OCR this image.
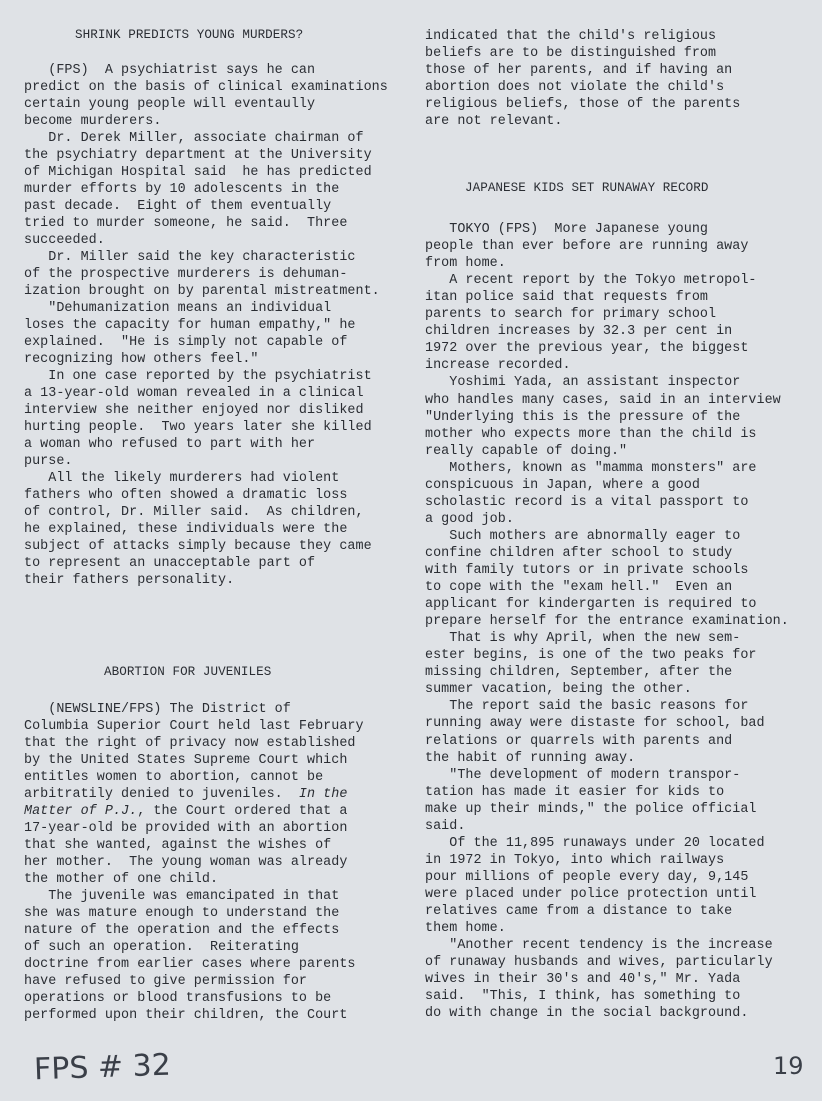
SHRINK PREDICTS YOUNG MURDERS?
(FPS)  A psychiatrist says he can
predict on the basis of clinical examinations
certain young people will eventaully
become murderers.
Dr. Derek Miller, associate chairman of
the psychiatry department at the University
of Michigan Hospital said  he has predicted
murder efforts by 10 adolescents in the
past decade.  Eight of them eventually
tried to murder someone, he said.  Three
succeeded.
Dr. Miller said the key characteristic
of the prospective murderers is dehuman-
ization brought on by parental mistreatment.
"Dehumanization means an individual
loses the capacity for human empathy," he
explained.  "He is simply not capable of
recognizing how others feel."
In one case reported by the psychiatrist
a 13-year-old woman revealed in a clinical
interview she neither enjoyed nor disliked
hurting people.  Two years later she killed
a woman who refused to part with her
purse.
All the likely murderers had violent
fathers who often showed a dramatic loss
of control, Dr. Miller said.  As children,
he explained, these individuals were the
subject of attacks simply because they came
to represent an unacceptable part of
their fathers personality.
ABORTION FOR JUVENILES
(NEWSLINE/FPS) The District of
Columbia Superior Court held last February
that the right of privacy now established
by the United States Supreme Court which
entitles women to abortion, cannot be
arbitratily denied to juveniles.  In the
Matter of P.J., the Court ordered that a
17-year-old be provided with an abortion
that she wanted, against the wishes of
her mother.  The young woman was already
the mother of one child.
The juvenile was emancipated in that
she was mature enough to understand the
nature of the operation and the effects
of such an operation.  Reiterating
doctrine from earlier cases where parents
have refused to give permission for
operations or blood transfusions to be
performed upon their children, the Court
indicated that the child's religious
beliefs are to be distinguished from
those of her parents, and if having an
abortion does not violate the child's
religious beliefs, those of the parents
are not relevant.
JAPANESE KIDS SET RUNAWAY RECORD
TOKYO (FPS)  More Japanese young
people than ever before are running away
from home.
A recent report by the Tokyo metropol-
itan police said that requests from
parents to search for primary school
children increases by 32.3 per cent in
1972 over the previous year, the biggest
increase recorded.
Yoshimi Yada, an assistant inspector
who handles many cases, said in an interview
"Underlying this is the pressure of the
mother who expects more than the child is
really capable of doing."
Mothers, known as "mamma monsters" are
conspicuous in Japan, where a good
scholastic record is a vital passport to
a good job.
Such mothers are abnormally eager to
confine children after school to study
with family tutors or in private schools
to cope with the "exam hell."  Even an
applicant for kindergarten is required to
prepare herself for the entrance examination.
That is why April, when the new sem-
ester begins, is one of the two peaks for
missing children, September, after the
summer vacation, being the other.
The report said the basic reasons for
running away were distaste for school, bad
relations or quarrels with parents and
the habit of running away.
"The development of modern transpor-
tation has made it easier for kids to
make up their minds," the police official
said.
Of the 11,895 runaways under 20 located
in 1972 in Tokyo, into which railways
pour millions of people every day, 9,145
were placed under police protection until
relatives came from a distance to take
them home.
"Another recent tendency is the increase
of runaway husbands and wives, particularly
wives in their 30's and 40's," Mr. Yada
said.  "This, I think, has something to
do with change in the social background.
FPS # 32	19
